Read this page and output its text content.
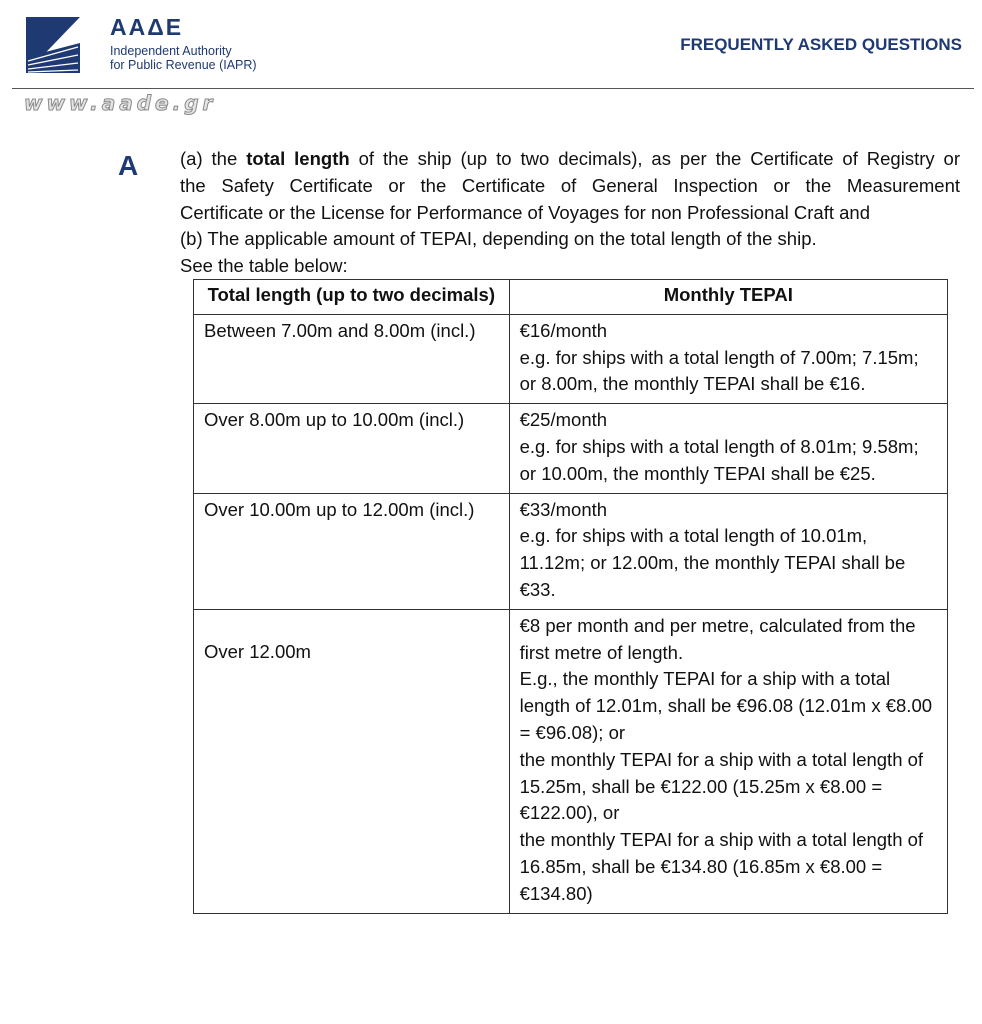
ΑΑΔΕ
Independent Authority
for Public Revenue (IAPR)
FREQUENTLY ASKED QUESTIONS
www.aade.gr
A (a) the total length of the ship (up to two decimals), as per the Certificate of Registry or

the Safety Certificate or the Certificate of General Inspection or the Measurement

Certificate or the License for Performance of Voyages for non Professional Craft and

(b) The applicable amount of TEPAI, depending on the total length of the ship.

See the table below:

Total length (up to two decimals)	Monthly TEPAI
Between 7.00m and 8.00m (incl.)	€16/month
e.g. for ships with a total length of 7.00m; 7.15m; or 8.00m, the monthly TEPAI shall be €16.

Over 8.00m up to 10.00m (incl.)	€25/month
e.g. for ships with a total length of 8.01m; 9.58m; or 10.00m, the monthly TEPAI shall be €25.

Over 10.00m up to 12.00m (incl.)	€33/month
e.g. for ships with a total length of 10.01m, 11.12m; or 12.00m, the monthly TEPAI shall be €33.

Over 12.00m	€8 per month and per metre, calculated from the first metre of length.
E.g., the monthly TEPAI for a ship with a total length of 12.01m, shall be €96.08 (12.01m x €8.00 = €96.08); or
the monthly TEPAI for a ship with a total length of 15.25m, shall be €122.00 (15.25m x €8.00 = €122.00), or
the monthly TEPAI for a ship with a total length of 16.85m, shall be €134.80 (16.85m x €8.00 = €134.80)
